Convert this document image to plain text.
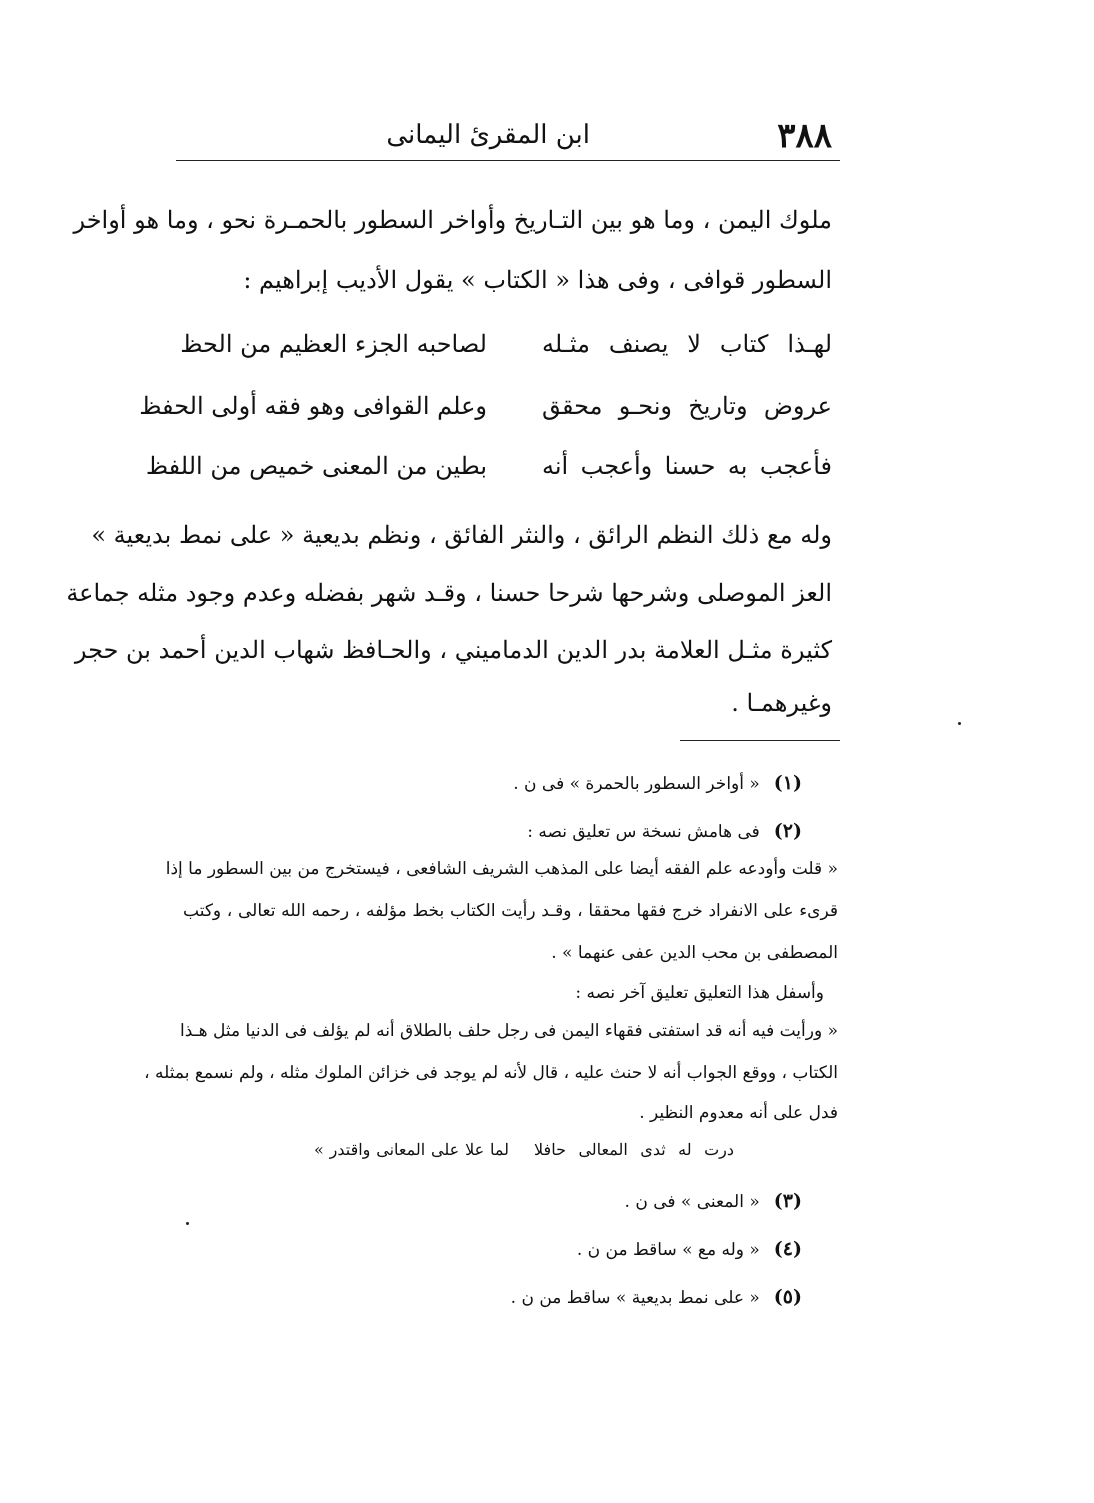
٣٨٨
ابن المقرئ اليمانى
ملوك اليمن ، وما هو بين التـاريخ وأواخر السطور بالحمـرة نحو ، وما هو أواخر
السطور قوافى ، وفى هذا « الكتاب » يقول الأديب إبراهيم :
لهـذا كتاب لا يصنف مثـله
لصاحبه الجزء العظيم من الحظ
عروض وتاريخ ونحـو محقق
وعلم القوافى وهو فقه أولى الحفظ
فأعجب به حسنا وأعجب أنه
بطين من المعنى خميص من اللفظ
وله مع ذلك النظم الرائق ، والنثر الفائق ، ونظم بديعية « على نمط بديعية »
العز الموصلى وشرحها شرحا حسنا ، وقـد شهر بفضله وعدم وجود مثله جماعة
كثيرة مثـل العلامة بدر الدين الدماميني ، والحـافظ شهاب الدين أحمد بن حجر
وغيرهمـا .
(١)« أواخر السطور بالحمرة » فى ن .
(٢)فى هامش نسخة س تعليق نصه :
« قلت وأودعه علم الفقه أيضا على المذهب الشريف الشافعى ، فيستخرج من بين السطور ما إذا
قرىء على الانفراد خرج فقها محققا ، وقـد رأيت الكتاب بخط مؤلفه ، رحمه الله تعالى ، وكتب
المصطفى بن محب الدين عفى عنهما » .
وأسفل هذا التعليق تعليق آخر نصه :
« ورأيت فيه أنه قد استفتى فقهاء اليمن فى رجل حلف بالطلاق أنه لم يؤلف فى الدنيا مثل هـذا
الكتاب ، ووقع الجواب أنه لا حنث عليه ، قال لأنه لم يوجد فى خزائن الملوك مثله ، ولم نسمع بمثله ،
فدل على أنه معدوم النظير .
درت له ثدى المعالى حافلا
لما علا على المعانى واقتدر »
(٣)« المعنى » فى ن .
(٤)« وله مع » ساقط من ن .
(٥)« على نمط بديعية » ساقط من ن .
